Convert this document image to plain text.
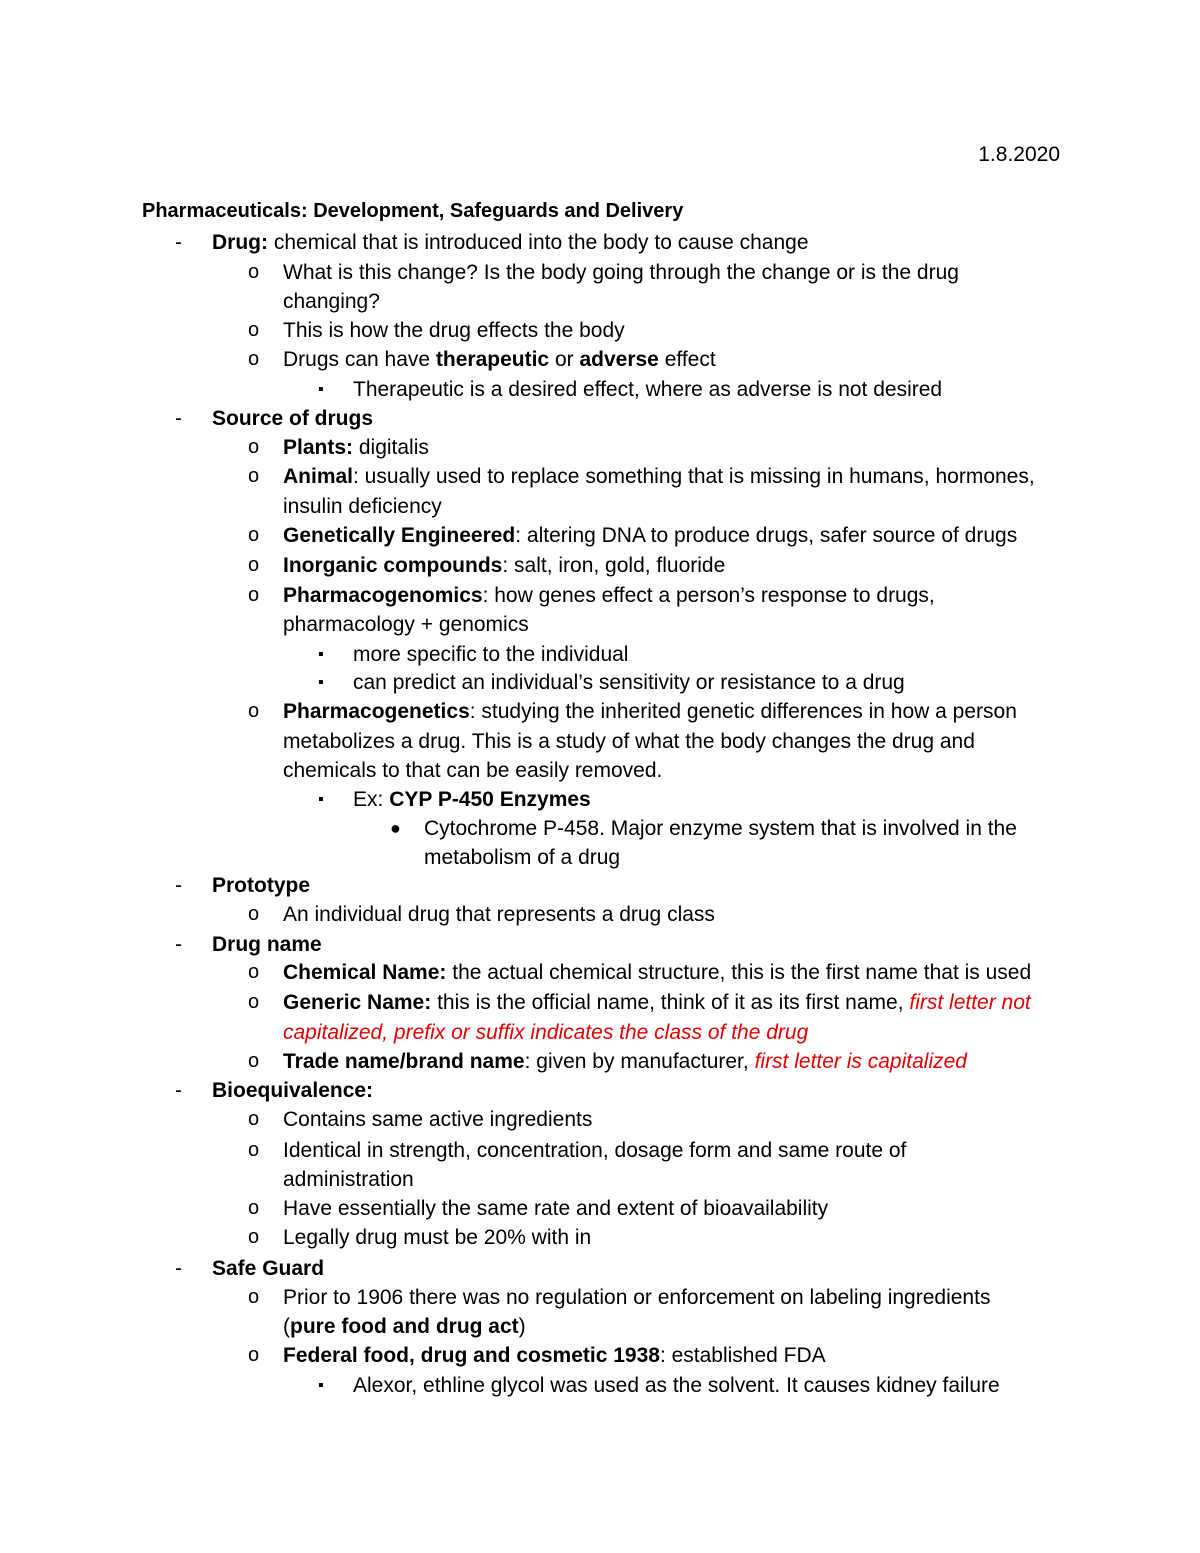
1.8.2020
Pharmaceuticals: Development, Safeguards and Delivery
- Drug: chemical that is introduced into the body to cause change
o What is this change? Is the body going through the change or is the drug
changing?
o This is how the drug effects the body
o Drugs can have therapeutic or adverse effect
▪ Therapeutic is a desired effect, where as adverse is not desired
- Source of drugs
o Plants: digitalis
o Animal: usually used to replace something that is missing in humans, hormones,
insulin deficiency
o Genetically Engineered: altering DNA to produce drugs, safer source of drugs
o Inorganic compounds: salt, iron, gold, fluoride
o Pharmacogenomics: how genes effect a person’s response to drugs,
pharmacology + genomics
▪ more specific to the individual
▪ can predict an individual’s sensitivity or resistance to a drug
o Pharmacogenetics: studying the inherited genetic differences in how a person
metabolizes a drug. This is a study of what the body changes the drug and
chemicals to that can be easily removed.
▪ Ex: CYP P-450 Enzymes
● Cytochrome P-458. Major enzyme system that is involved in the
metabolism of a drug
- Prototype
o An individual drug that represents a drug class
- Drug name
o Chemical Name: the actual chemical structure, this is the first name that is used
o Generic Name: this is the official name, think of it as its first name, first letter not
capitalized, prefix or suffix indicates the class of the drug
o Trade name/brand name: given by manufacturer, first letter is capitalized
- Bioequivalence:
o Contains same active ingredients
o Identical in strength, concentration, dosage form and same route of
administration
o Have essentially the same rate and extent of bioavailability
o Legally drug must be 20% with in
- Safe Guard
o Prior to 1906 there was no regulation or enforcement on labeling ingredients
(pure food and drug act)
o Federal food, drug and cosmetic 1938: established FDA
▪ Alexor, ethline glycol was used as the solvent. It causes kidney failure
